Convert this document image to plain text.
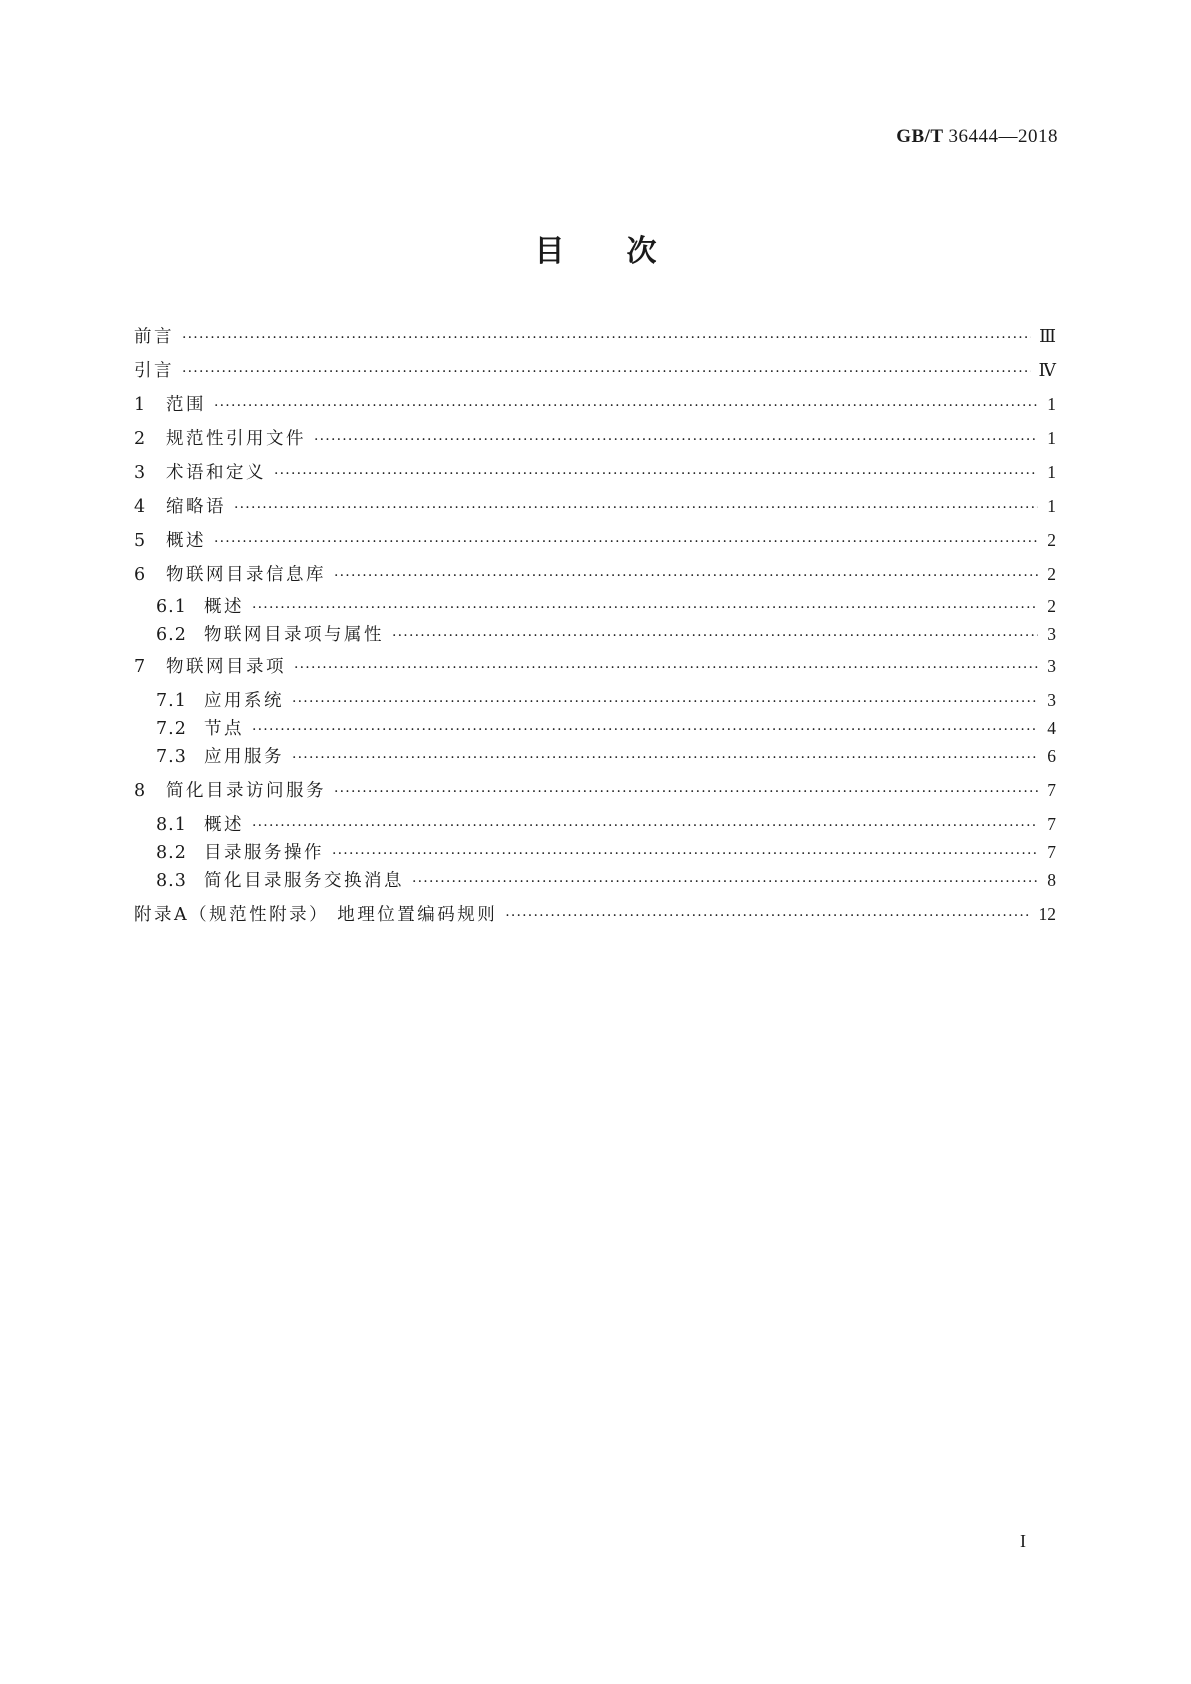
GB/T 36444—2018
目次
前言 ·····	Ⅲ
引言 ·····	Ⅳ
1	范围 ·····	1
2	规范性引用文件 ·····	1
3	术语和定义 ·····	1
4	缩略语 ·····	1
5	概述 ·····	2
6	物联网目录信息库 ·····	2
6.1 概述 ·····	2
6.2 物联网目录项与属性 ·····	3
7	物联网目录项 ·····	3
7.1 应用系统 ·····	3
7.2 节点 ·····	4
7.3 应用服务 ·····	6
8	简化目录访问服务 ·····	7
8.1 概述 ·····	7
8.2 目录服务操作 ·····	7
8.3 简化目录服务交换消息 ·····	8
附录A（规范性附录） 地理位置编码规则 ·····	12
I
